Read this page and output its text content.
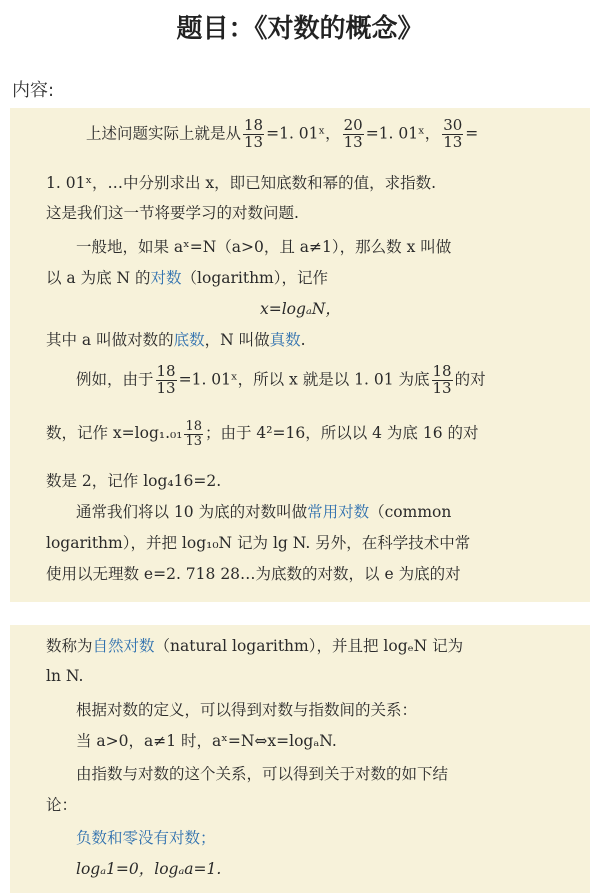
题目：《对数的概念》
内容:
上述问题实际上就是从 $\frac{18}{13} =1$. 01ˣ， $\frac{20}{13} =1$. 01ˣ， $\frac{30}{13}$ =
1. 01ˣ，…中分别求出 x，即已知底数和幂的值，求指数.
这是我们这一节将要学习的对数问题.
一般地，如果 aˣ=N（a>0，且 a≠1），那么数 x 叫做
以 a 为底 N 的对数（logarithm），记作
x=logₐN，
其中 a 叫做对数的底数，N 叫做真数.
例如，由于 $\frac{18}{13} =1$. 01ˣ，所以 x 就是以 1. 01 为底 $\frac{18}{13}$ 的对
数，记作 $x=\log_1._{01} \frac{18}{13}$ ；由于 4²=16，所以以 4 为底 16 的对
数是 2，记作 log₄16=2.
通常我们将以 10 为底的对数叫做常用对数（common
logarithm），并把 log₁₀N 记为 lg N. 另外，在科学技术中常
使用以无理数 e=2. 718 28…为底数的对数，以 e 为底的对
数称为自然对数（natural logarithm），并且把 logₑN 记为
ln N.
根据对数的定义，可以得到对数与指数间的关系：
当 a>0，a≠1 时，aˣ=N⇔x=logₐN.
由指数与对数的这个关系，可以得到关于对数的如下结
论：
负数和零没有对数；
logₐ1=0，logₐa=1.
